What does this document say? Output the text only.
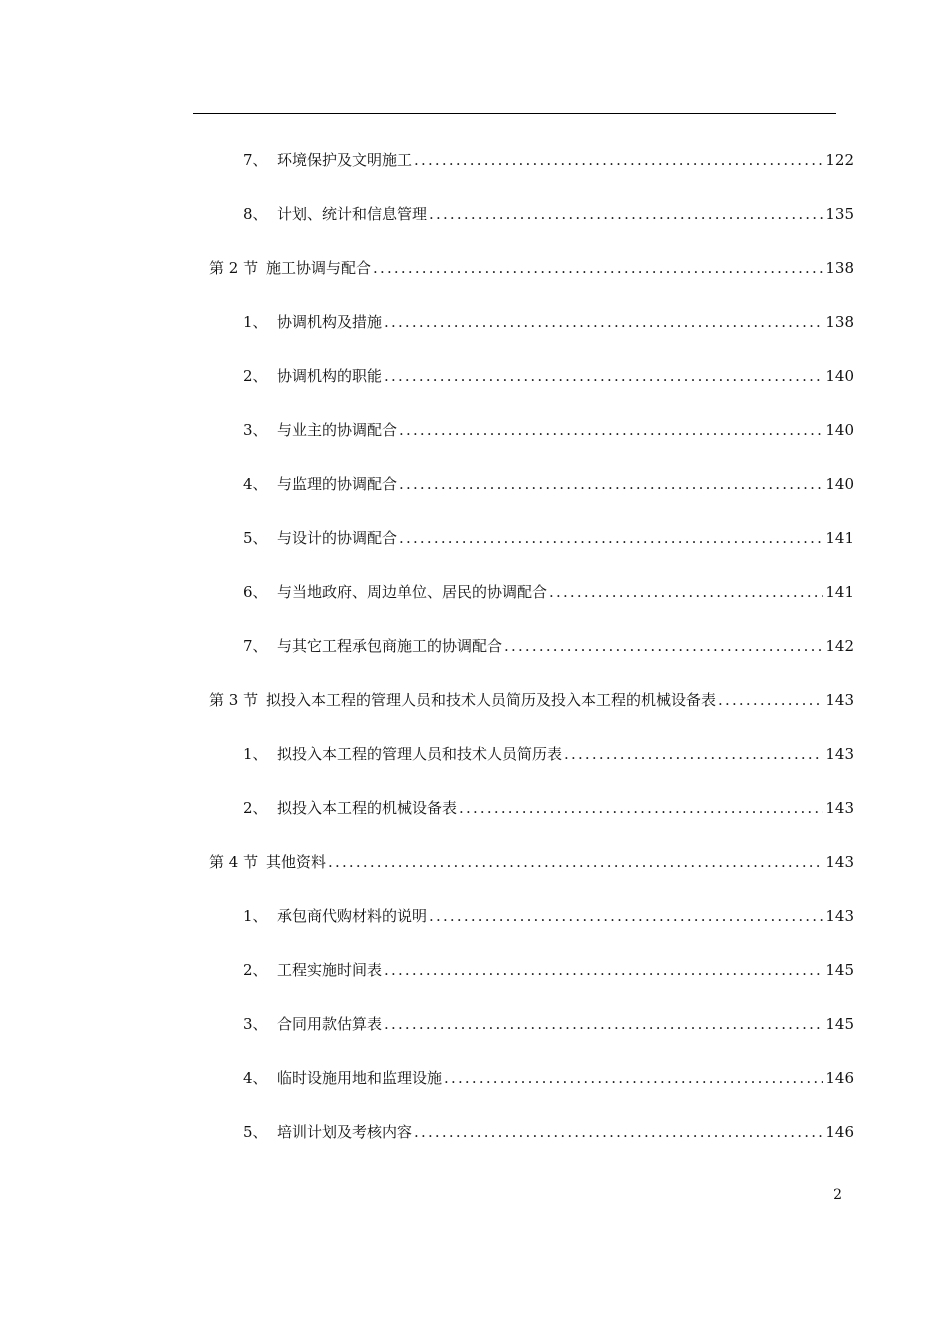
7、 环境保护及文明施工 .....	122
8、 计划、统计和信息管理 .....	135
第 2 节 施工协调与配合 .....	138
1、 协调机构及措施 .....	138
2、 协调机构的职能 .....	140
3、 与业主的协调配合 .....	140
4、 与监理的协调配合 .....	140
5、 与设计的协调配合 .....	141
6、 与当地政府、周边单位、居民的协调配合 .....	141
7、 与其它工程承包商施工的协调配合 .....	142
第 3 节 拟投入本工程的管理人员和技术人员简历及投入本工程的机械设备表 .....	143
1、 拟投入本工程的管理人员和技术人员简历表 .....	143
2、 拟投入本工程的机械设备表 .....	143
第 4 节 其他资料 .....	143
1、 承包商代购材料的说明 .....	143
2、 工程实施时间表 .....	145
3、 合同用款估算表 .....	145
4、 临时设施用地和监理设施 .....	146
5、 培训计划及考核内容 .....	146
2
